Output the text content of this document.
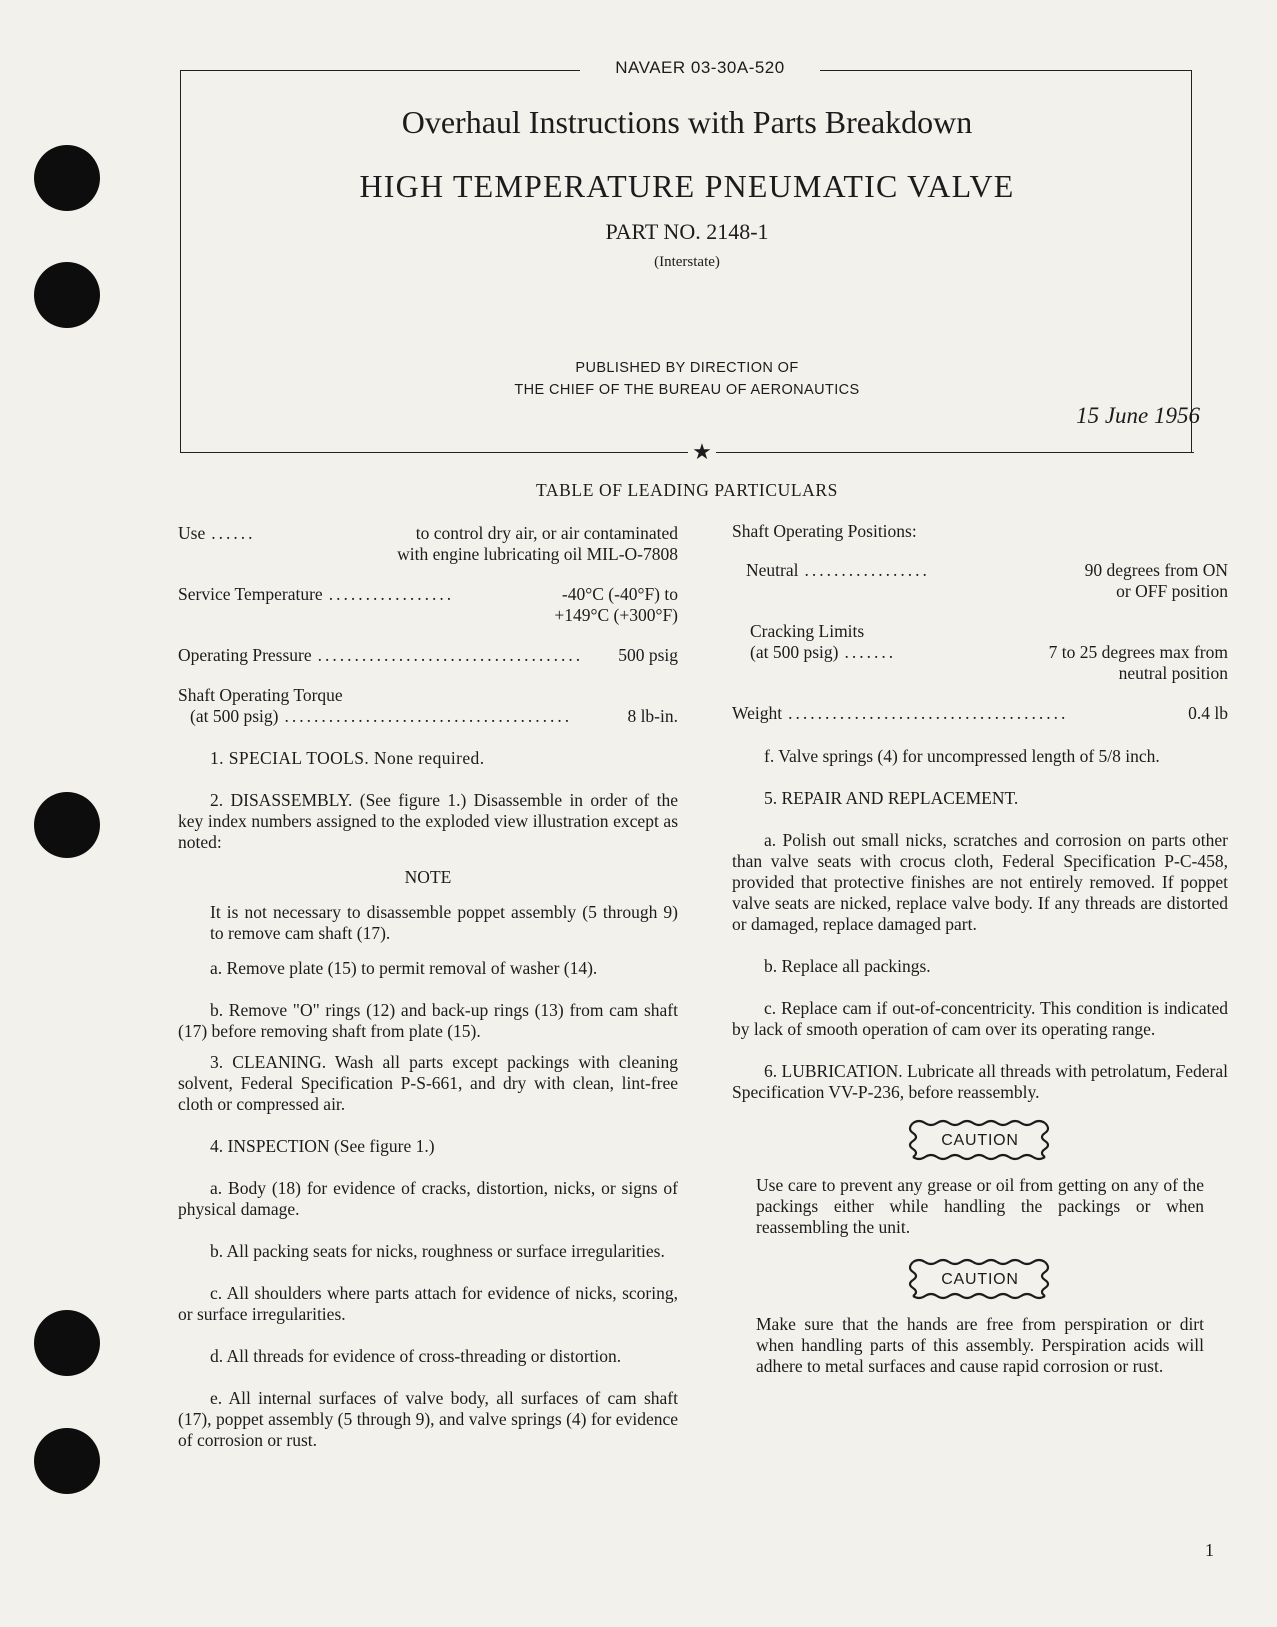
NAVAER 03-30A-520
★
Overhaul Instructions with Parts Breakdown
HIGH TEMPERATURE PNEUMATIC VALVE
PART NO. 2148-1
(Interstate)
PUBLISHED BY DIRECTION OF
THE CHIEF OF THE BUREAU OF AERONAUTICS
15 June 1956
TABLE OF LEADING PARTICULARS
Use ......	to control dry air, or air contaminated
with engine lubricating oil MIL-O-7808
Service Temperature .................	-40°C (-40°F) to
+149°C (+300°F)
Operating Pressure ....................................	500 psig
Shaft Operating Torque
(at 500 psig) .......................................	8 lb-in.
1. SPECIAL TOOLS. None required.
2. DISASSEMBLY. (See figure 1.) Disassemble in order of the key index numbers assigned to the exploded view illustration except as noted:
NOTE
It is not necessary to disassemble poppet assembly (5 through 9) to remove cam shaft (17).
a. Remove plate (15) to permit removal of washer (14).
b. Remove "O" rings (12) and back-up rings (13) from cam shaft (17) before removing shaft from plate (15).
3. CLEANING. Wash all parts except packings with cleaning solvent, Federal Specification P-S-661, and dry with clean, lint-free cloth or compressed air.
4. INSPECTION (See figure 1.)
a. Body (18) for evidence of cracks, distortion, nicks, or signs of physical damage.
b. All packing seats for nicks, roughness or surface irregularities.
c. All shoulders where parts attach for evidence of nicks, scoring, or surface irregularities.
d. All threads for evidence of cross-threading or distortion.
e. All internal surfaces of valve body, all surfaces of cam shaft (17), poppet assembly (5 through 9), and valve springs (4) for evidence of corrosion or rust.
Shaft Operating Positions:
Neutral .................	90 degrees from ON
or OFF position
Cracking Limits
(at 500 psig) .......	7 to 25 degrees max from
neutral position
Weight ......................................	0.4 lb
f. Valve springs (4) for uncompressed length of 5/8 inch.
5. REPAIR AND REPLACEMENT.
a. Polish out small nicks, scratches and corrosion on parts other than valve seats with crocus cloth, Federal Specification P-C-458, provided that protective finishes are not entirely removed. If poppet valve seats are nicked, replace valve body. If any threads are distorted or damaged, replace damaged part.
b. Replace all packings.
c. Replace cam if out-of-concentricity. This condition is indicated by lack of smooth operation of cam over its operating range.
6. LUBRICATION. Lubricate all threads with petrolatum, Federal Specification VV-P-236, before reassembly.
CAUTION
Use care to prevent any grease or oil from getting on any of the packings either while handling the packings or when reassembling the unit.
CAUTION
Make sure that the hands are free from perspiration or dirt when handling parts of this assembly. Perspiration acids will adhere to metal surfaces and cause rapid corrosion or rust.
1
